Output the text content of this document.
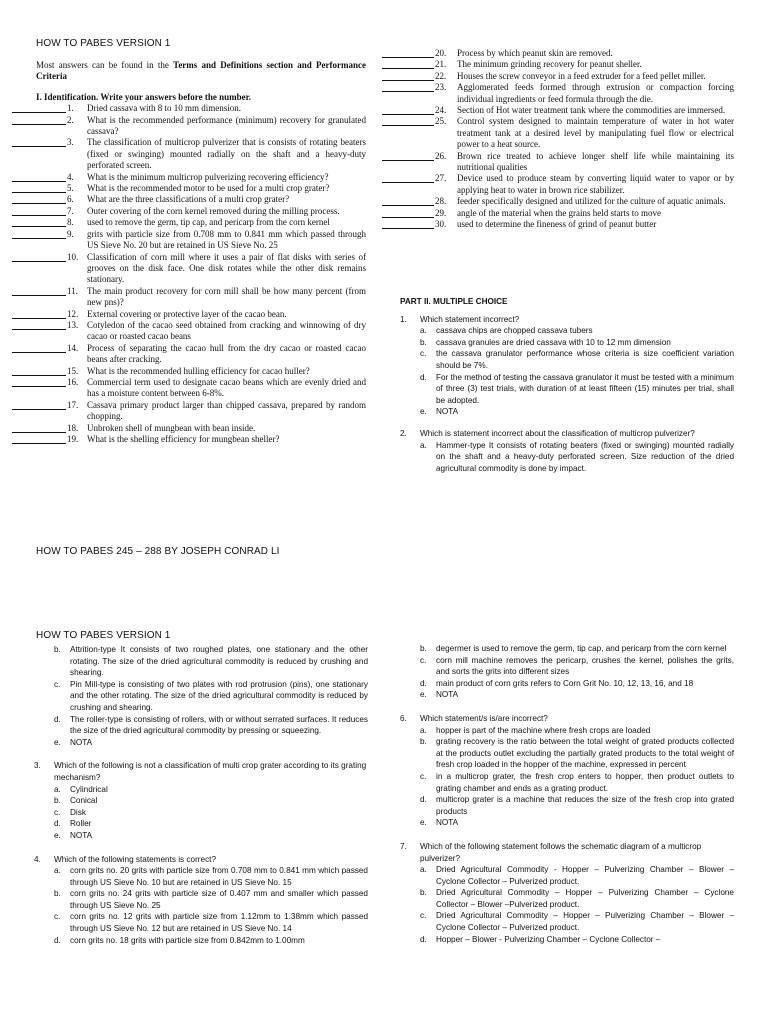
HOW TO PABES VERSION 1
Most answers can be found in the Terms and Definitions section and Performance Criteria
I. Identification. Write your answers before the number.
1.	Dried cassava with 8 to 10 mm dimension.
2.	What is the recommended performance (minimum) recovery for granulated cassava?
3.	The classification of multicrop pulverizer that is consists of rotating beaters (fixed or swinging) mounted radially on the shaft and a heavy-duty perforated screen.
4.	What is the minimum multicrop pulverizing recovering efficiency?
5.	What is the recommended motor to be used for a multi crop grater?
6.	What are the three classifications of a multi crop grater?
7.	Outer covering of the corn kernel removed during the milling process.
8.	used to remove the germ, tip cap, and pericarp from the corn kernel
9.	grits with particle size from 0.708 mm to 0.841 mm which passed through US Sieve No. 20 but are retained in US Sieve No. 25
10. Classification of corn mill where it uses a pair of flat disks with series of grooves on the disk face. One disk rotates while the other disk remains stationary.
11.	The main product recovery for corn mill shall be how many percent (from new pns)?
12. External covering or protective layer of the cacao bean.
13. Cotyledon of the cacao seed obtained from cracking and winnowing of dry cacao or roasted cacao beans
14. Process of separating the cacao hull from the dry cacao or roasted cacao beans after cracking.
15. What is the recommended hulling efficiency for cacao huller?
16. Commercial term used to designate cacao beans which are evenly dried and has a moisture content between 6-8%.
17. Cassava primary product larger than chipped cassava, prepared by random chopping.
18. Unbroken shell of mungbean with bean inside.
19. What is the shelling efficiency for mungbean sheller?
HOW TO PABES 245 – 288 BY JOSEPH CONRAD LI
20.	Process by which peanut skin are removed.
21.	The minimum grinding recovery for peanut sheller.
22.	Houses the screw conveyor in a feed extruder for a feed pellet miller.
23.	Agglomerated feeds formed through extrusion or compaction forcing individual ingredients or feed formula through the die.
24.	Section of Hot water treatment tank where the commodities are immersed.
25.	Control system designed to maintain temperature of water in hot water treatment tank at a desired level by manipulating fuel flow or electrical power to a heat source.
26.	Brown rice treated to achieve longer shelf life while maintaining its nutritional qualities
27.	Device used to produce steam by converting liquid water to vapor or by applying heat to water in brown rice stabilizer.
28.	feeder specifically designed and utilized for the culture of aquatic animals.
29.	angle of the material when the grains held starts to move
30.	used to determine the fineness of grind of peanut butter
PART II. MULTIPLE CHOICE
1.	Which statement incorrect?
a.	cassava chips are chopped cassava tubers
b.	cassava granules are dried cassava with 10 to 12 mm dimension
c.	the cassava granulator performance whose criteria is size coefficient variation should be 7%.
d.	For the method of testing the cassava granulator it must be tested with a minimum of three (3) test trials, with duration of at least fifteen (15) minutes per trial, shall be adopted.
e.	NOTA
2.	Which is statement incorrect about the classification of multicrop pulverizer?
a.	Hammer-type It consists of rotating beaters (fixed or swinging) mounted radially on the shaft and a heavy-duty perforated screen. Size reduction of the dried agricultural commodity is done by impact.
HOW TO PABES VERSION 1
b.	Attrition-type It consists of two roughed plates, one stationary and the other rotating. The size of the dried agricultural commodity is reduced by crushing and shearing.
c.	Pin Mill-type is consisting of two plates with rod protrusion (pins), one stationary and the other rotating. The size of the dried agricultural commodity is reduced by crushing and shearing.
d.	The roller-type is consisting of rollers, with or without serrated surfaces. It reduces the size of the dried agricultural commodity by pressing or squeezing.
e.	NOTA
3.	Which of the following is not a classification of multi crop grater according to its grating mechanism?
a.	Cylindrical
b.	Conical
c.	Disk
d.	Roller
e.	NOTA
4.	Which of the following statements is correct?
a.	corn grits no. 20 grits with particle size from 0.708 mm to 0.841 mm which passed through US Sieve No. 10 but are retained in US Sieve No. 15
b.	corn grits no. 24 grits with particle size of 0.407 mm and smaller which passed through US Sieve No. 25
c.	corn grits no. 12 grits with particle size from 1.12mm to 1.38mm which passed through US Sieve No. 12 but are retained in US Sieve No. 14
d.	corn grits no. 18 grits with particle size from 0.842mm to 1.00mm
b.	degermer is used to remove the germ, tip cap, and pericarp from the corn kernel
c.	corn mill machine removes the pericarp, crushes the kernel, polishes the grits, and sorts the grits into different sizes
d.	main product of corn grits refers to Corn Grit No. 10, 12, 13, 16, and 18
e.	NOTA
6.	Which statement/s is/are incorrect?
a.	hopper is part of the machine where fresh crops are loaded
b.	grating recovery is the ratio between the total weight of grated products collected at the products outlet excluding the partially grated products to the total weight of fresh crop loaded in the hopper of the machine, expressed in percent
c.	in a multicrop grater, the fresh crop enters to hopper, then product outlets to grating chamber and ends as a grating product.
d.	multicrop grater is a machine that reduces the size of the fresh crop into grated products
e.	NOTA
7.	Which of the following statement follows the schematic diagram of a multicrop pulverizer?
a.	Dried Agricultural Commodity - Hopper – Pulverizing Chamber – Blower – Cyclone Collector – Pulverized product.
b.	Dried Agricultural Commodity – Hopper – Pulverizing Chamber – Cyclone Collector – Blower –Pulverized product.
c.	Dried Agricultural Commodity – Hopper – Pulverizing Chamber – Blower – Cyclone Collector – Pulverized product.
d.	Hopper – Blower - Pulverizing Chamber – Cyclone Collector –
